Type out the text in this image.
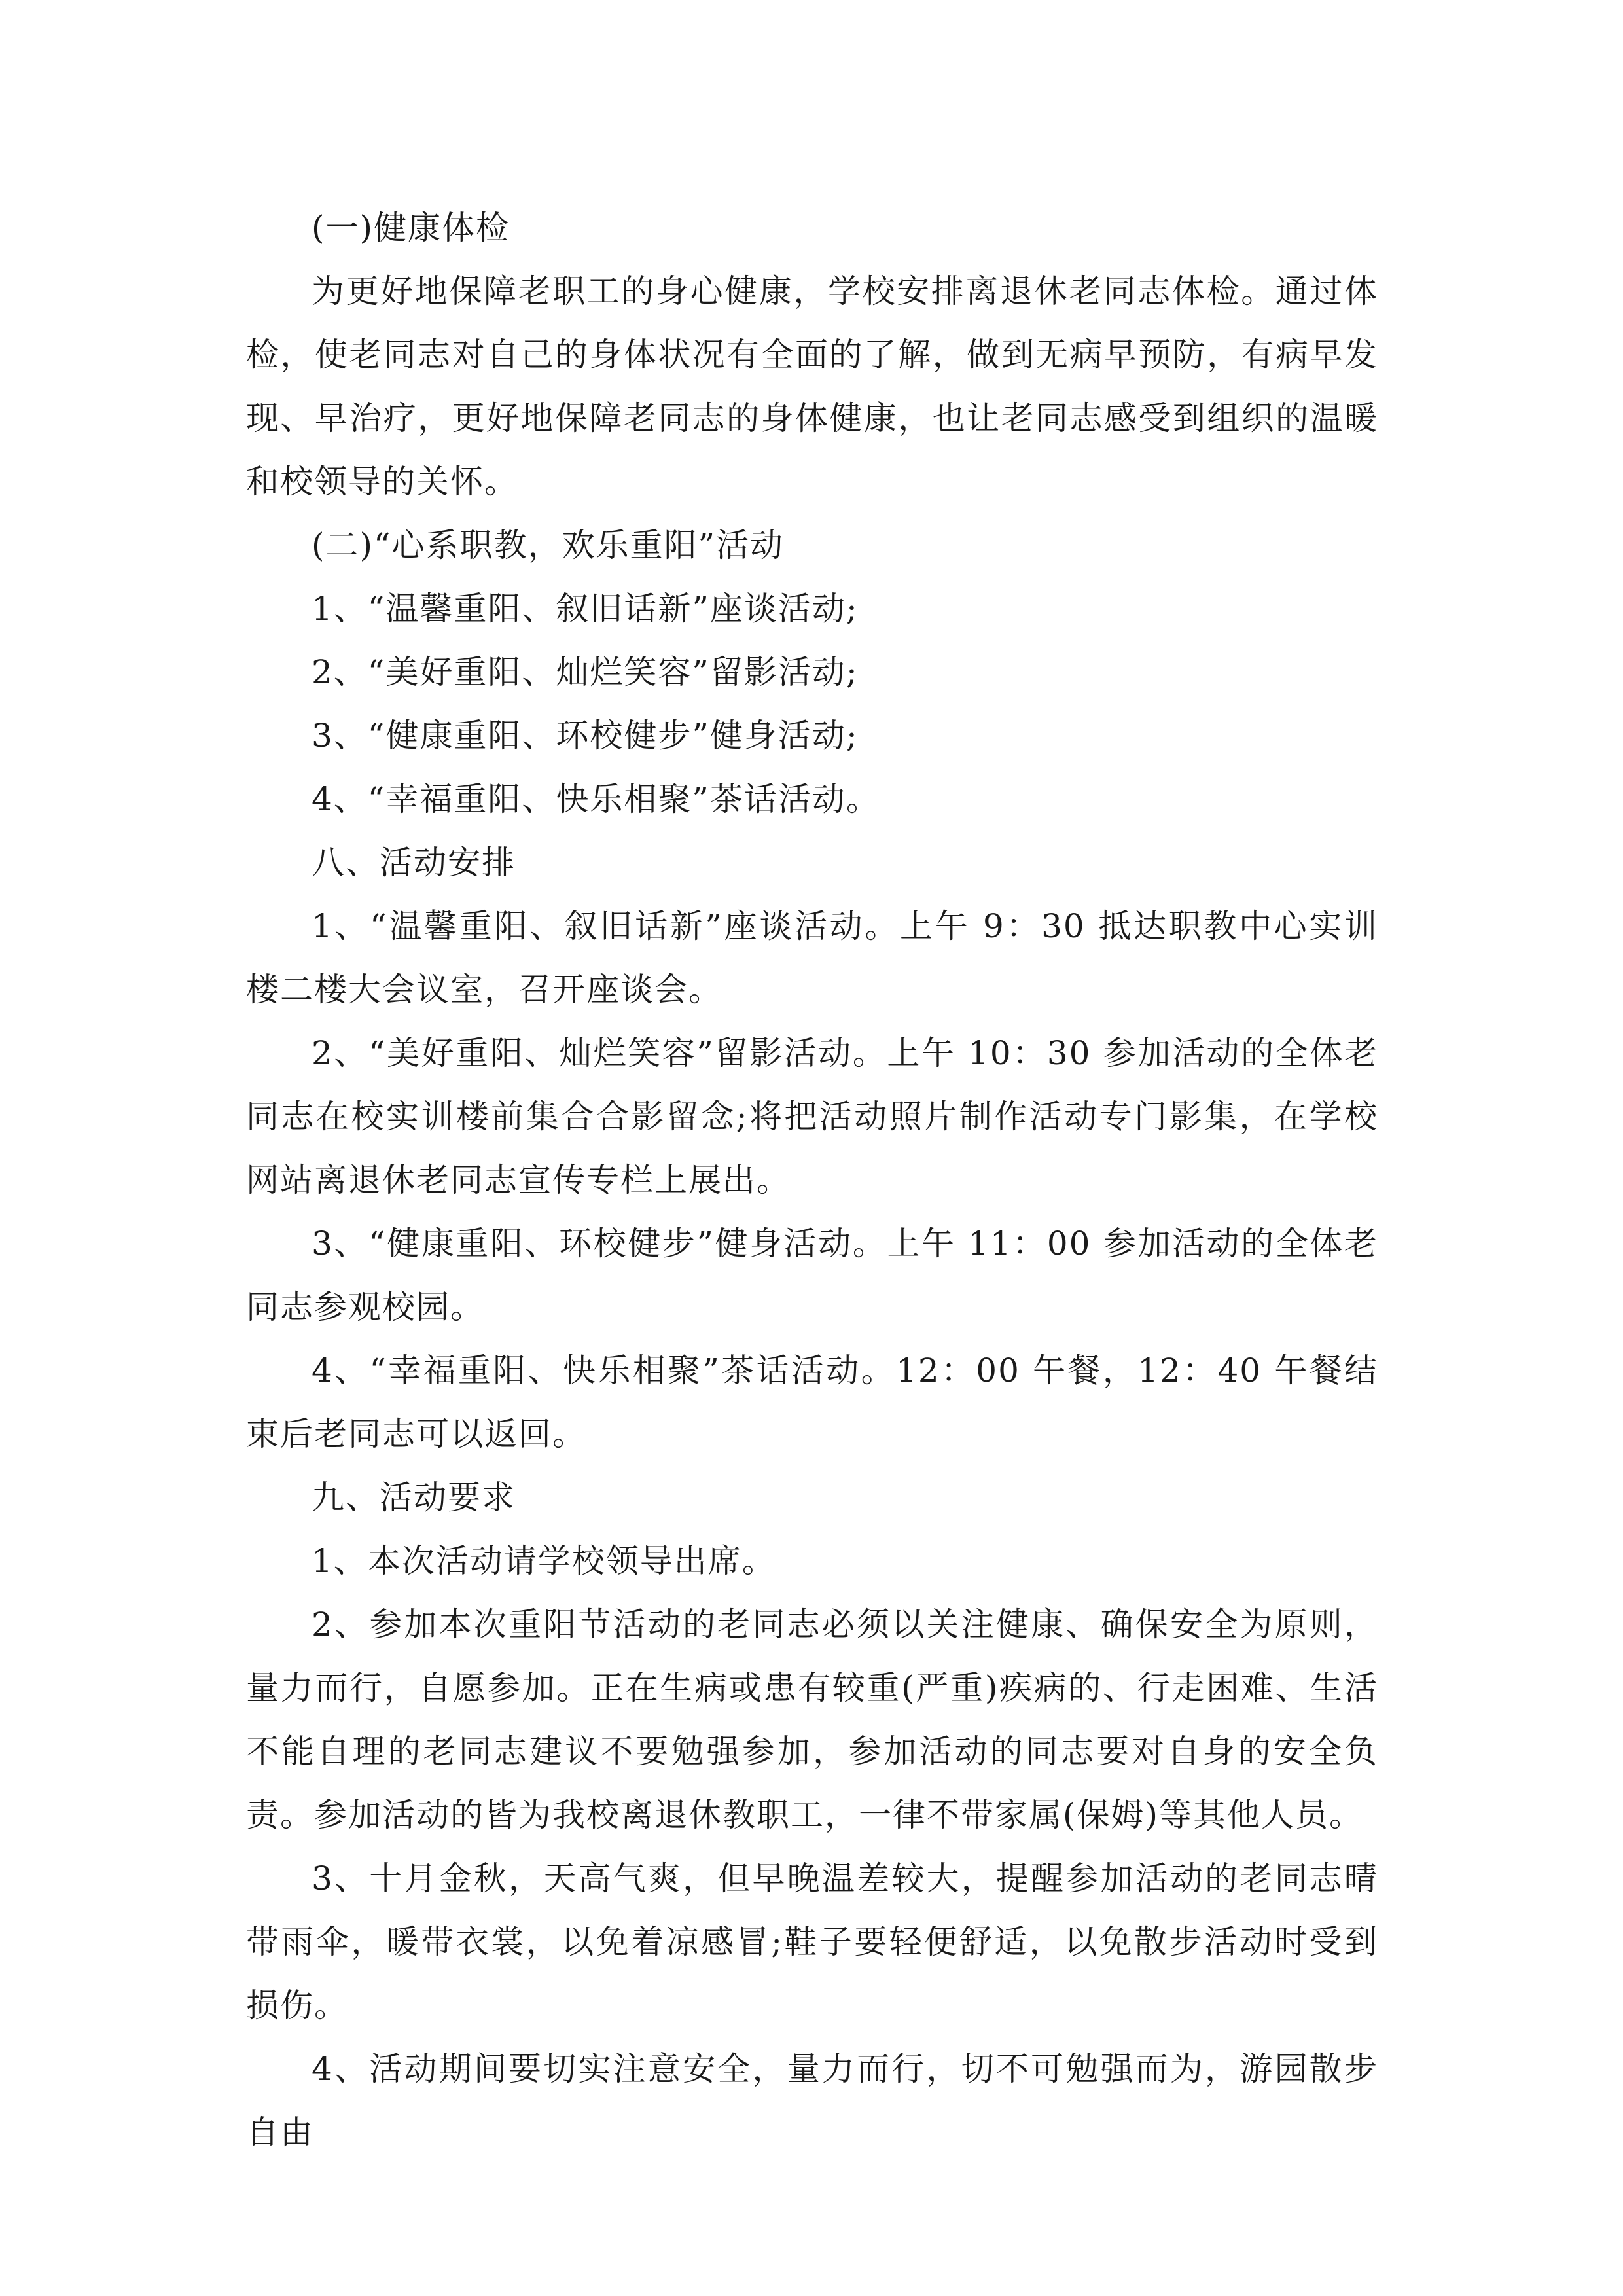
(一)健康体检

为更好地保障老职工的身心健康，学校安排离退休老同志体检。通过体检，使老同志对自己的身体状况有全面的了解，做到无病早预防，有病早发现、早治疗，更好地保障老同志的身体健康，也让老同志感受到组织的温暖和校领导的关怀。

(二)“心系职教，欢乐重阳”活动

1、“温馨重阳、叙旧话新”座谈活动;

2、“美好重阳、灿烂笑容”留影活动;

3、“健康重阳、环校健步”健身活动;

4、“幸福重阳、快乐相聚”茶话活动。

八、活动安排

1、“温馨重阳、叙旧话新”座谈活动。上午 9：30 抵达职教中心实训楼二楼大会议室，召开座谈会。

2、“美好重阳、灿烂笑容”留影活动。上午 10：30 参加活动的全体老同志在校实训楼前集合合影留念;将把活动照片制作活动专门影集，在学校网站离退休老同志宣传专栏上展出。

3、“健康重阳、环校健步”健身活动。上午 11：00 参加活动的全体老同志参观校园。

4、“幸福重阳、快乐相聚”茶话活动。12：00 午餐，12：40 午餐结束后老同志可以返回。

九、活动要求

1、本次活动请学校领导出席。

2、参加本次重阳节活动的老同志必须以关注健康、确保安全为原则，量力而行，自愿参加。正在生病或患有较重(严重)疾病的、行走困难、生活不能自理的老同志建议不要勉强参加，参加活动的同志要对自身的安全负责。参加活动的皆为我校离退休教职工，一律不带家属(保姆)等其他人员。

3、十月金秋，天高气爽，但早晚温差较大，提醒参加活动的老同志晴带雨伞，暖带衣裳，以免着凉感冒;鞋子要轻便舒适，以免散步活动时受到损伤。

4、活动期间要切实注意安全，量力而行，切不可勉强而为，游园散步自由
